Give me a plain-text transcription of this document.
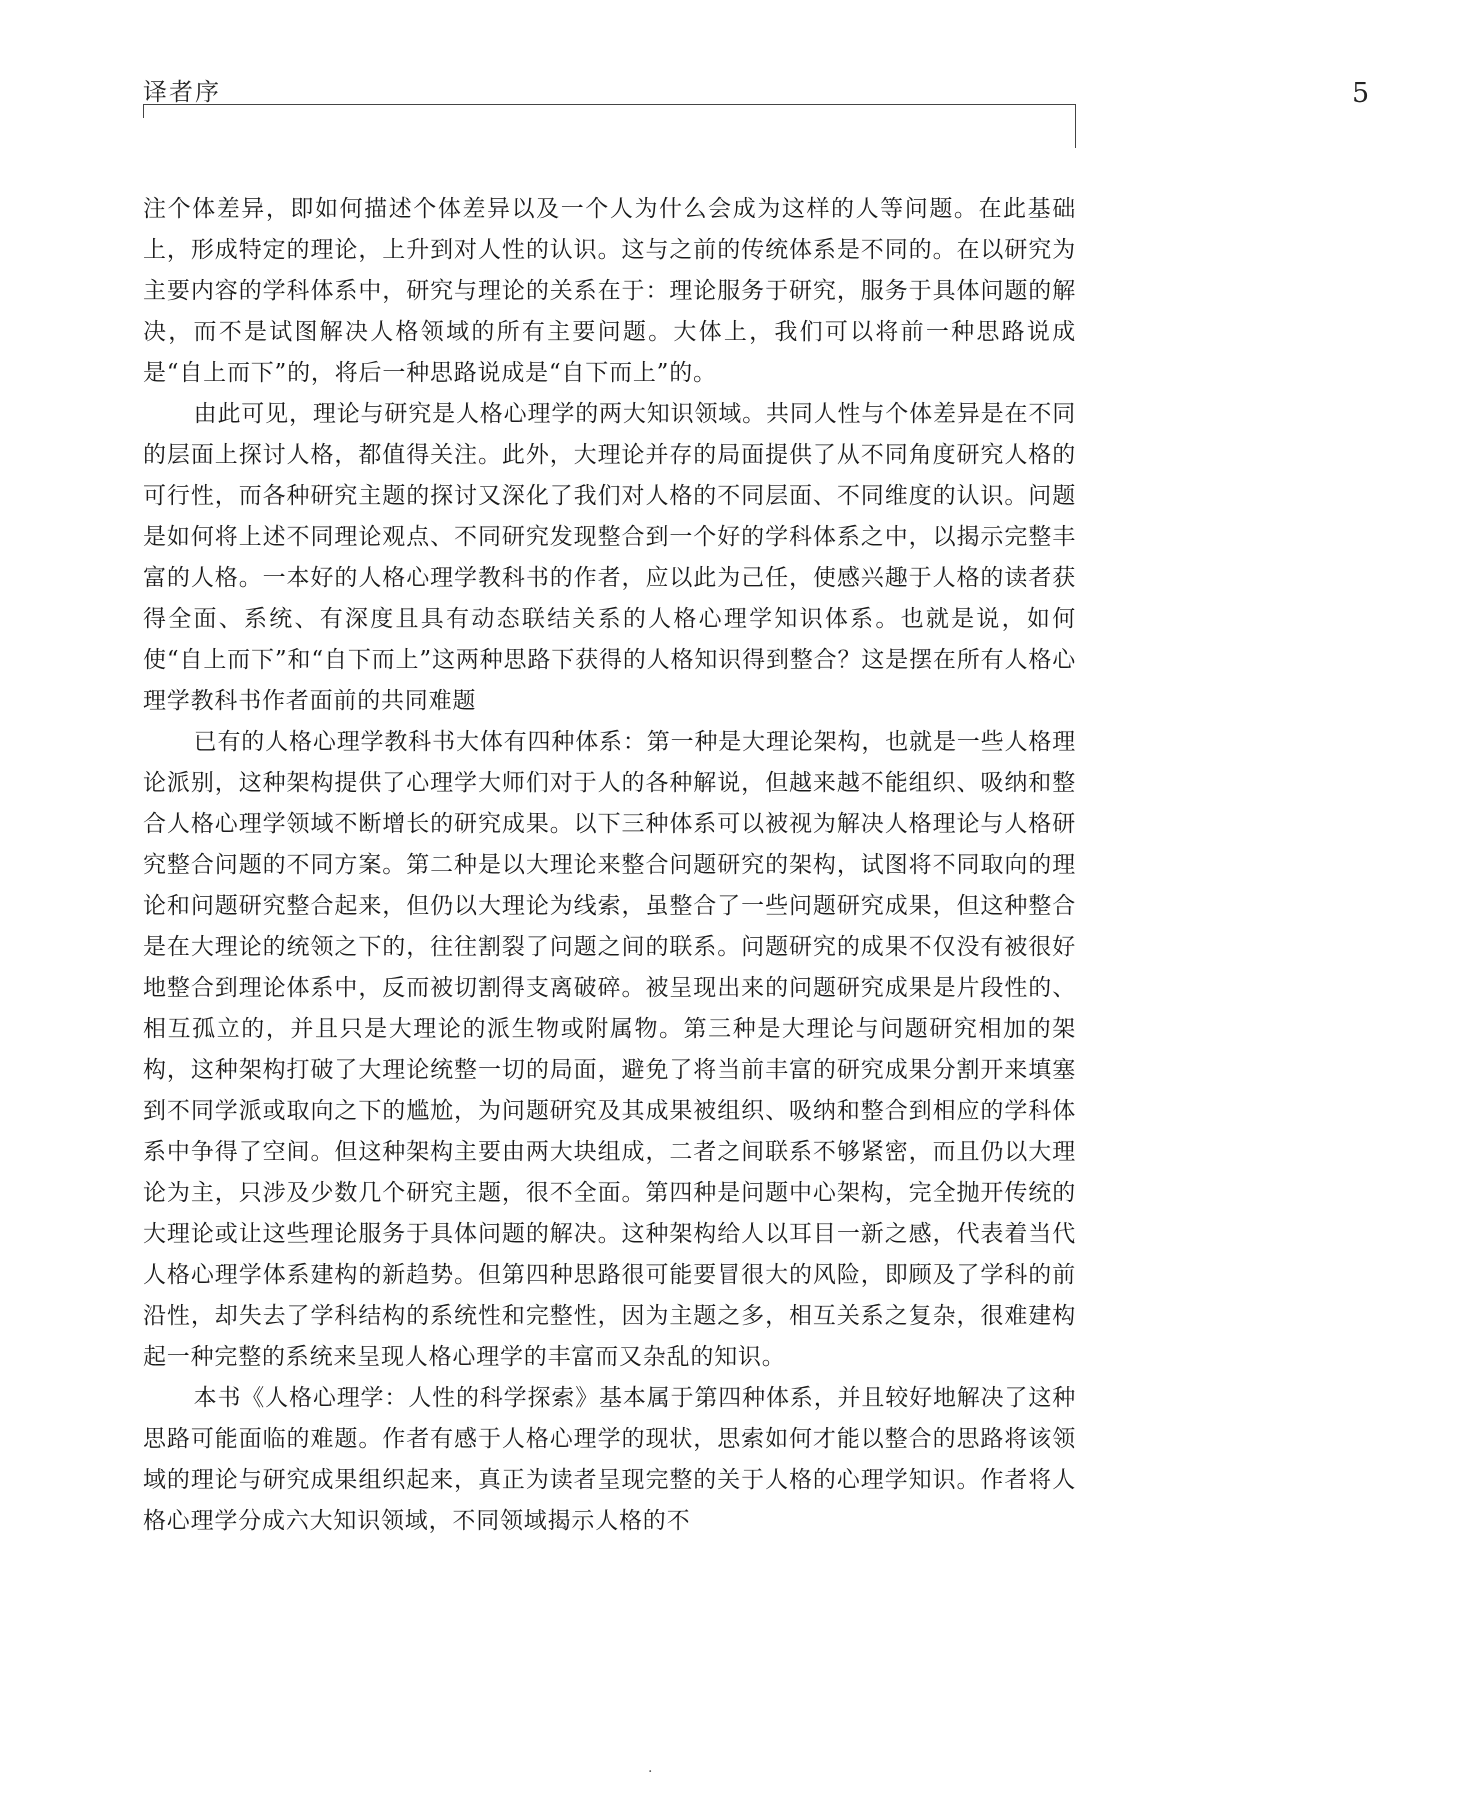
译者序	5

注个体差异，即如何描述个体差异以及一个人为什么会成为这样的人等问题。在此基础上，形成特定的理论，上升到对人性的认识。这与之前的传统体系是不同的。在以研究为主要内容的学科体系中，研究与理论的关系在于：理论服务于研究，服务于具体问题的解决，而不是试图解决人格领域的所有主要问题。大体上，我们可以将前一种思路说成是“自上而下”的，将后一种思路说成是“自下而上”的。

由此可见，理论与研究是人格心理学的两大知识领域。共同人性与个体差异是在不同的层面上探讨人格，都值得关注。此外，大理论并存的局面提供了从不同角度研究人格的可行性，而各种研究主题的探讨又深化了我们对人格的不同层面、不同维度的认识。问题是如何将上述不同理论观点、不同研究发现整合到一个好的学科体系之中，以揭示完整丰富的人格。一本好的人格心理学教科书的作者，应以此为己任，使感兴趣于人格的读者获得全面、系统、有深度且具有动态联结关系的人格心理学知识体系。也就是说，如何使“自上而下”和“自下而上”这两种思路下获得的人格知识得到整合？这是摆在所有人格心理学教科书作者面前的共同难题

已有的人格心理学教科书大体有四种体系：第一种是大理论架构，也就是一些人格理论派别，这种架构提供了心理学大师们对于人的各种解说，但越来越不能组织、吸纳和整合人格心理学领域不断增长的研究成果。以下三种体系可以被视为解决人格理论与人格研究整合问题的不同方案。第二种是以大理论来整合问题研究的架构，试图将不同取向的理论和问题研究整合起来，但仍以大理论为线索，虽整合了一些问题研究成果，但这种整合是在大理论的统领之下的，往往割裂了问题之间的联系。问题研究的成果不仅没有被很好地整合到理论体系中，反而被切割得支离破碎。被呈现出来的问题研究成果是片段性的、相互孤立的，并且只是大理论的派生物或附属物。第三种是大理论与问题研究相加的架构，这种架构打破了大理论统整一切的局面，避免了将当前丰富的研究成果分割开来填塞到不同学派或取向之下的尴尬，为问题研究及其成果被组织、吸纳和整合到相应的学科体系中争得了空间。但这种架构主要由两大块组成，二者之间联系不够紧密，而且仍以大理论为主，只涉及少数几个研究主题，很不全面。第四种是问题中心架构，完全抛开传统的大理论或让这些理论服务于具体问题的解决。这种架构给人以耳目一新之感，代表着当代人格心理学体系建构的新趋势。但第四种思路很可能要冒很大的风险，即顾及了学科的前沿性，却失去了学科结构的系统性和完整性，因为主题之多，相互关系之复杂，很难建构起一种完整的系统来呈现人格心理学的丰富而又杂乱的知识。

本书《人格心理学：人性的科学探索》基本属于第四种体系，并且较好地解决了这种思路可能面临的难题。作者有感于人格心理学的现状，思索如何才能以整合的思路将该领域的理论与研究成果组织起来，真正为读者呈现完整的关于人格的心理学知识。作者将人格心理学分成六大知识领域，不同领域揭示人格的不

·
